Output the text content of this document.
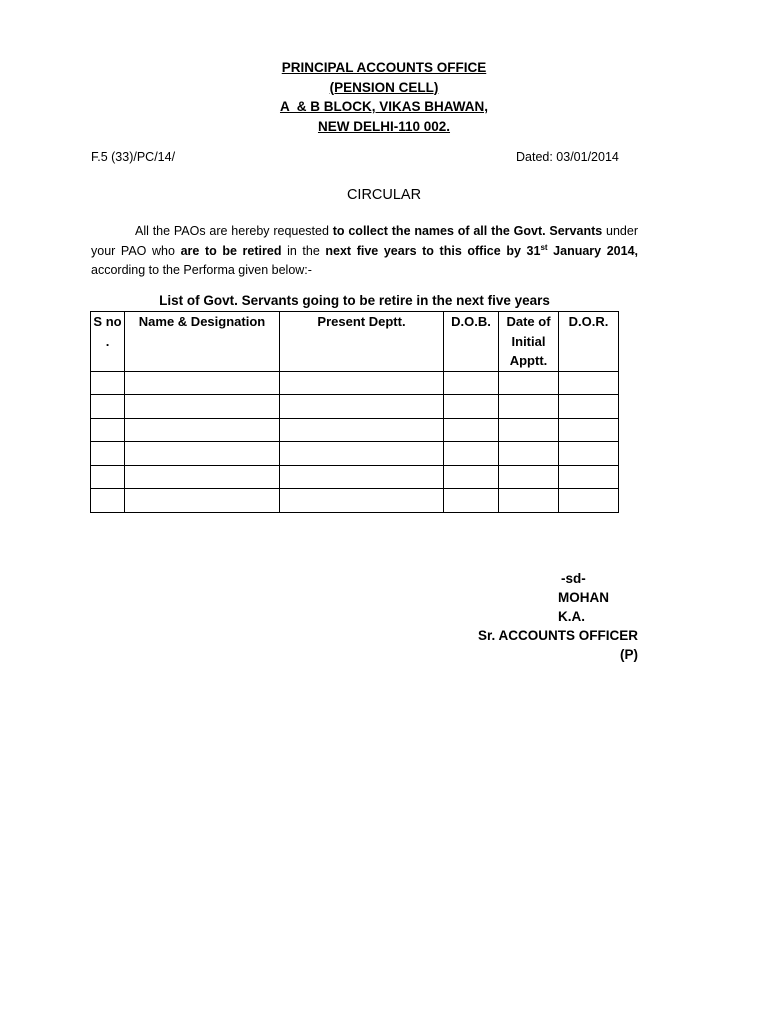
PRINCIPAL ACCOUNTS OFFICE
(PENSION CELL)
A  & B BLOCK, VIKAS BHAWAN,
NEW DELHI-110 002.
F.5 (33)/PC/14/	Dated: 03/01/2014
CIRCULAR
All the PAOs are hereby requested to collect the names of all the Govt. Servants under your PAO who are to be retired in the next five years to this office by 31st January 2014, according to the Performa given below:-
List of Govt. Servants going to be retire in the next five years
S no .	Name & Designation	Present Deptt.	D.O.B.	Date of Initial Apptt.	D.O.R.

-sd-
MOHAN K.A.
Sr. ACCOUNTS OFFICER (P)
